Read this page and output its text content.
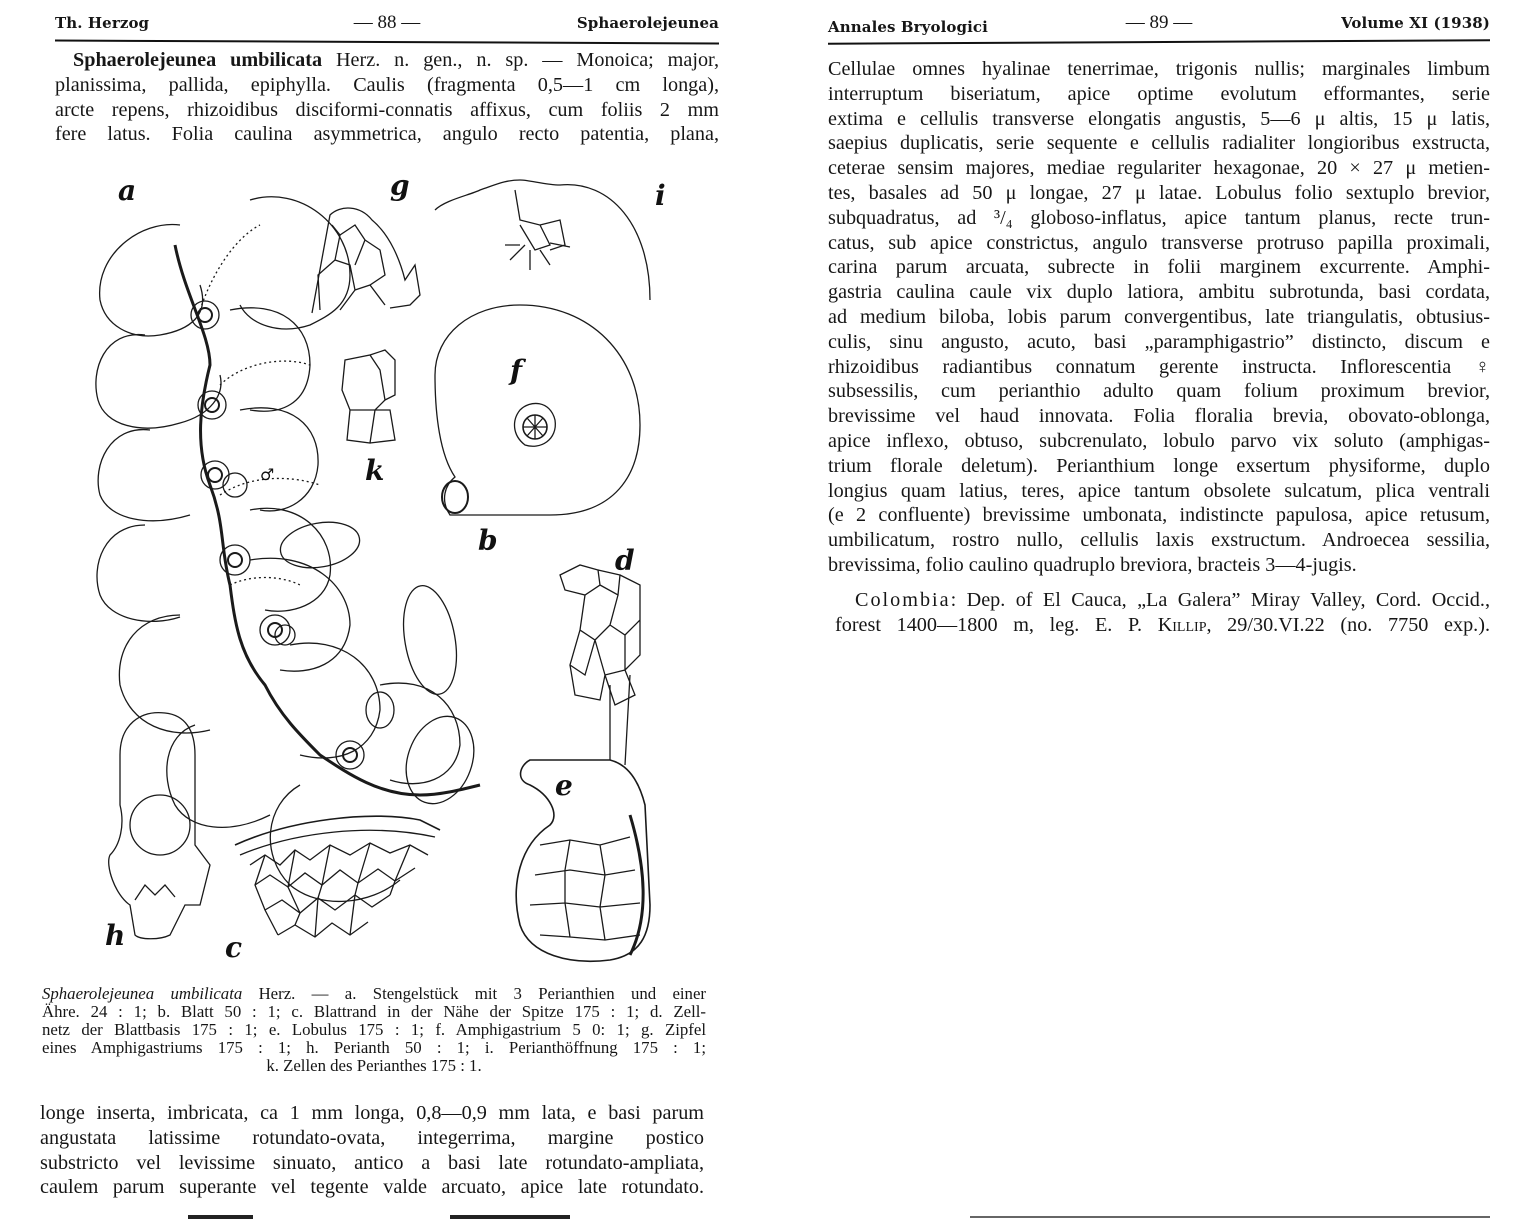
Th. Herzog	— 88 —	Sphaerolejeunea
Sphaerolejeunea umbilicata Herz. n. gen., n. sp. — Monoica; major,
planissima, pallida, epiphylla. Caulis (fragmenta 0,5—1 cm longa),
arcte repens, rhizoidibus disciformi-connatis affixus, cum foliis 2 mm
fere latus. Folia caulina asymmetrica, angulo recto patentia, plana,
a
♂
g	i
k
f
b
d
h	c
e
Sphaerolejeunea umbilicata Herz. — a. Stengelstück mit 3 Perianthien und einer
Ähre. 24 : 1; b. Blatt 50 : 1; c. Blattrand in der Nähe der Spitze 175 : 1; d. Zell-
netz der Blattbasis 175 : 1; e. Lobulus 175 : 1; f. Amphigastrium 5 0: 1; g. Zipfel
eines Amphigastriums 175 : 1; h. Perianth 50 : 1; i. Perianthöffnung 175 : 1;
k. Zellen des Perianthes 175 : 1.
longe inserta, imbricata, ca 1 mm longa, 0,8—0,9 mm lata, e basi parum
angustata latissime rotundato-ovata, integerrima, margine postico
substricto vel levissime sinuato, antico a basi late rotundato-ampliata,
caulem parum superante vel tegente valde arcuato, apice late rotundato.
Annales Bryologici	— 89 —	Volume XI (1938)
Cellulae omnes hyalinae tenerrimae, trigonis nullis; marginales limbum
interruptum biseriatum, apice optime evolutum efformantes, serie
extima e cellulis transverse elongatis angustis, 5—6 μ altis, 15 μ latis,
saepius duplicatis, serie sequente e cellulis radialiter longioribus exstructa,
ceterae sensim majores, mediae regulariter hexagonae, 20 × 27 μ metien-
tes, basales ad 50 μ longae, 27 μ latae. Lobulus folio sextuplo brevior,
subquadratus, ad ³/₄ globoso-inflatus, apice tantum planus, recte trun-
catus, sub apice constrictus, angulo transverse protruso papilla proximali,
carina parum arcuata, subrecte in folii marginem excurrente. Amphi-
gastria caulina caule vix duplo latiora, ambitu subrotunda, basi cordata,
ad medium biloba, lobis parum convergentibus, late triangulatis, obtusius-
culis, sinu angusto, acuto, basi „paramphigastrio” distincto, discum e
rhizoidibus radiantibus connatum gerente instructa. Inflorescentia ♀
subsessilis, cum perianthio adulto quam folium proximum brevior,
brevissime vel haud innovata. Folia floralia brevia, obovato-oblonga,
apice inflexo, obtuso, subcrenulato, lobulo parvo vix soluto (amphigas-
trium florale deletum). Perianthium longe exsertum physiforme, duplo
longius quam latius, teres, apice tantum obsolete sulcatum, plica ventrali
(e 2 confluente) brevissime umbonata, indistincte papulosa, apice retusum,
umbilicatum, rostro nullo, cellulis laxis exstructum. Androecea sessilia,
brevissima, folio caulino quadruplo breviora, bracteis 3—4-jugis.
Colombia: Dep. of El Cauca, „La Galera” Miray Valley, Cord. Occid.,
forest 1400—1800 m, leg. E. P. Killip, 29/30.VI.22 (no. 7750 exp.).
